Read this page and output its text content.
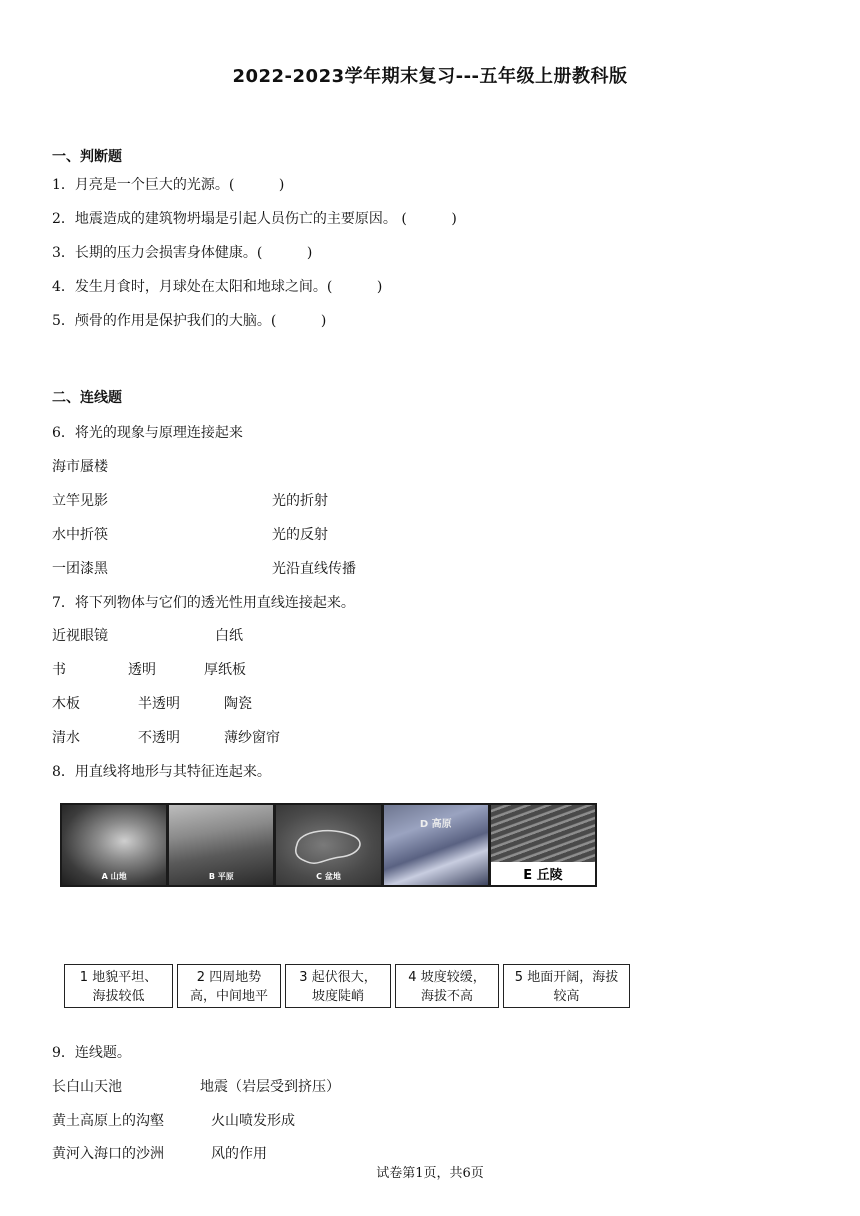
2022-2023学年期末复习---五年级上册教科版
一、判断题
1．月亮是一个巨大的光源。(          )
2．地震造成的建筑物坍塌是引起人员伤亡的主要原因。 (          )
3．长期的压力会损害身体健康。(          )
4．发生月食时，月球处在太阳和地球之间。(          )
5．颅骨的作用是保护我们的大脑。(          )
二、连线题
6．将光的现象与原理连接起来
海市蜃楼
立竿见影	光的折射
水中折筷	光的反射
一团漆黑	光沿直线传播
7．将下列物体与它们的透光性用直线连接起来。
近视眼镜	白纸
书	透明	厚纸板
木板	半透明	陶瓷
清水	不透明	薄纱窗帘
8．用直线将地形与其特征连起来。
A 山地	B 平原	C 盆地
D 高原
E 丘陵
1 地貌平坦、
海拔较低
2 四周地势
高，中间地平
3 起伏很大，
坡度陡峭
4 坡度较缓，
海拔不高
5 地面开阔，海拔
较高
9．连线题。
长白山天池	地震（岩层受到挤压）
黄土高原上的沟壑	火山喷发形成
黄河入海口的沙洲	风的作用
试卷第1页，共6页
